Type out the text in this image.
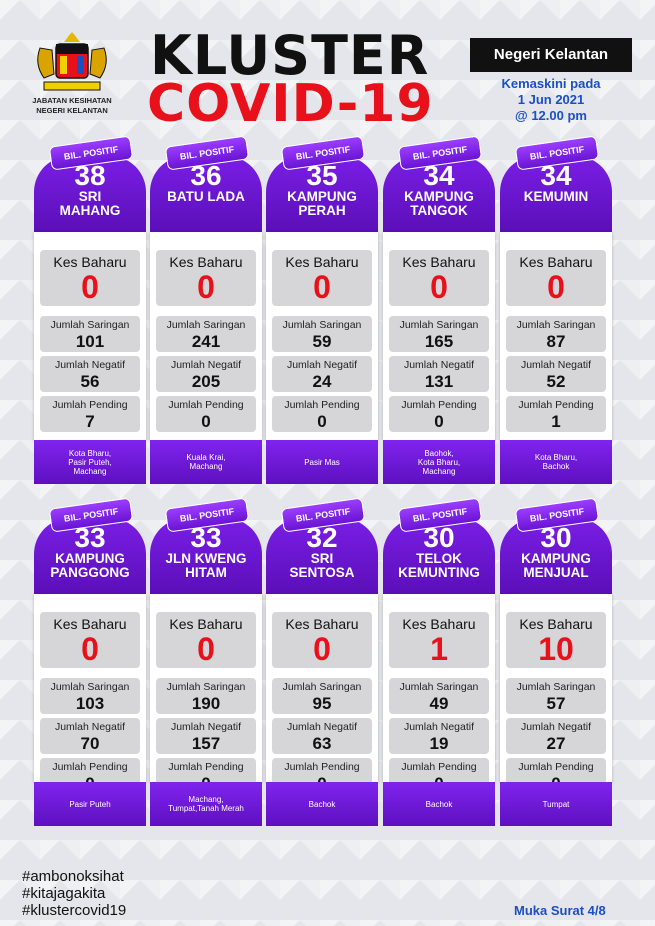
JABATAN KESIHATAN NEGERI KELANTAN
KLUSTER
COVID-19
Negeri Kelantan
Kemaskini pada
1 Jun 2021
@ 12.00 pm
BIL. POSITIF
38
SRI
MAHANG
Kes Baharu
0
Jumlah Saringan
101
Jumlah Negatif
56
Jumlah Pending
7
Kota Bharu,
Pasir Puteh,
Machang
BIL. POSITIF
36
BATU LADA
Kes Baharu
0
Jumlah Saringan
241
Jumlah Negatif
205
Jumlah Pending
0
Kuala Krai,
Machang
BIL. POSITIF
35
KAMPUNG
PERAH
Kes Baharu
0
Jumlah Saringan
59
Jumlah Negatif
24
Jumlah Pending
0
Pasir Mas
BIL. POSITIF
34
KAMPUNG
TANGOK
Kes Baharu
0
Jumlah Saringan
165
Jumlah Negatif
131
Jumlah Pending
0
Baohok,
Kota Bharu,
Machang
BIL. POSITIF
34
KEMUMIN
Kes Baharu
0
Jumlah Saringan
87
Jumlah Negatif
52
Jumlah Pending
1
Kota Bharu,
Bachok
BIL. POSITIF
33
KAMPUNG
PANGGONG
Kes Baharu
0
Jumlah Saringan
103
Jumlah Negatif
70
Jumlah Pending
Pasir Puteh
BIL. POSITIF
33
JLN KWENG
HITAM
Kes Baharu
0
Jumlah Saringan
190
Jumlah Negatif
157
Jumlah Pending
Machang,
Tumpat,Tanah Merah
BIL. POSITIF
32
SRI
SENTOSA
Kes Baharu
0
Jumlah Saringan
95
Jumlah Negatif
63
Jumlah Pending
Bachok
BIL. POSITIF
30
TELOK
KEMUNTING
Kes Baharu
1
Jumlah Saringan
49
Jumlah Negatif
19
Jumlah Pending
Bachok
BIL. POSITIF
30
KAMPUNG
MENJUAL
Kes Baharu
10
Jumlah Saringan
57
Jumlah Negatif
27
Jumlah Pending
Tumpat
#ambonoksihat
#kitajagakita
#klustercovid19	Muka Surat 4/8
